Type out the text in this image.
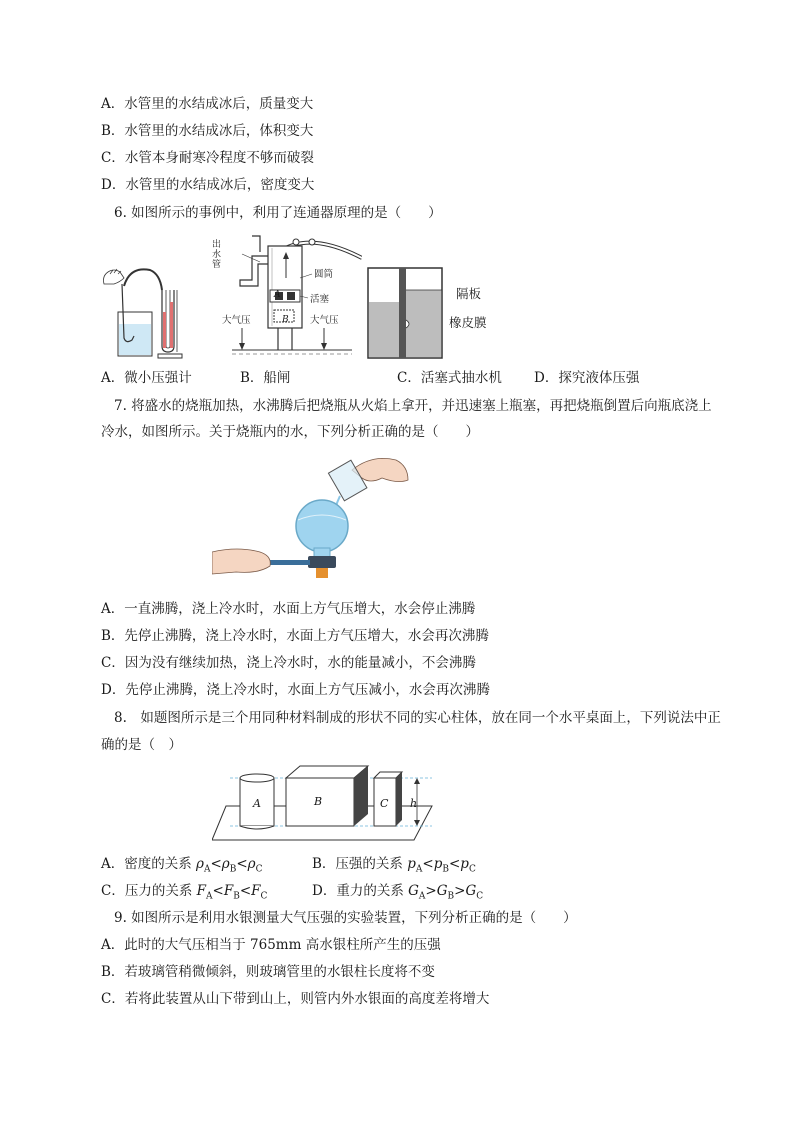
A．水管里的水结成冰后，质量变大
B．水管里的水结成冰后，体积变大
C．水管本身耐寒冷程度不够而破裂
D．水管里的水结成冰后，密度变大
6. 如图所示的事例中，利用了连通器原理的是（　　）
出
水
管
圆筒
活塞
大气压	大气压
A
B
隔板
橡皮膜
A．微小压强计	B．船闸	C．活塞式抽水机 D．探究液体压强
7. 将盛水的烧瓶加热，水沸腾后把烧瓶从火焰上拿开，并迅速塞上瓶塞，再把烧瓶倒置后向瓶底浇上
冷水，如图所示。关于烧瓶内的水，下列分析正确的是（　　）
A．一直沸腾，浇上冷水时，水面上方气压增大，水会停止沸腾
B．先停止沸腾，浇上冷水时，水面上方气压增大，水会再次沸腾
C．因为没有继续加热，浇上冷水时，水的能量减小，不会沸腾
D．先停止沸腾，浇上冷水时，水面上方气压减小，水会再次沸腾
8.　如题图所示是三个用同种材料制成的形状不同的实心柱体，放在同一个水平桌面上，下列说法中正
确的是（　）
A	B	C h
A．密度的关系 $\rho_A<\rho_B<\rho_C$	B．压强的关系 $p_A<p_B<p_C$
C．压力的关系 $F_A<F_B<F_C$	D．重力的关系 $G_A>G_B>G_C$
9. 如图所示是利用水银测量大气压强的实验装置，下列分析正确的是（　　）
A．此时的大气压相当于 765mm 高水银柱所产生的压强
B．若玻璃管稍微倾斜，则玻璃管里的水银柱长度将不变
C．若将此装置从山下带到山上，则管内外水银面的高度差将增大
